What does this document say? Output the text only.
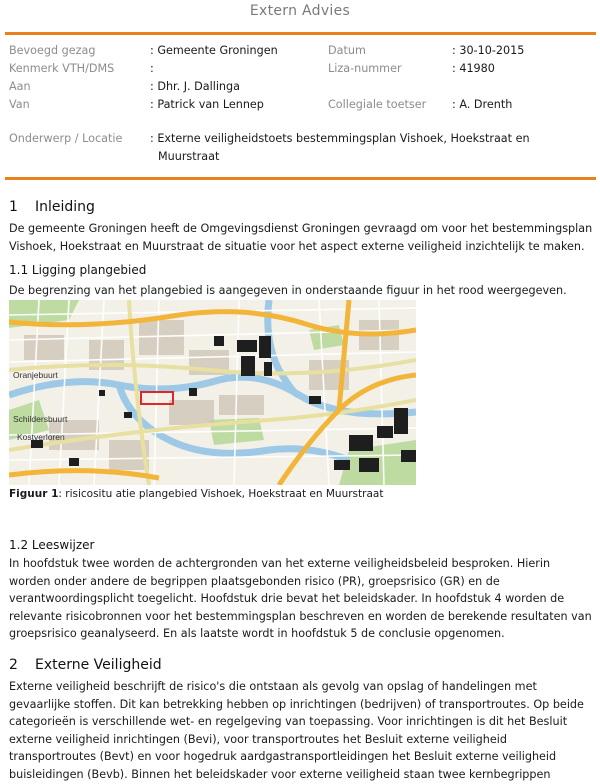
Extern Advies
Bevoegd gezag	: Gemeente Groningen
Kenmerk VTH/DMS	:
Aan	: Dhr. J. Dallinga
Van	: Patrick van Lennep
Datum	: 30-10-2015
Liza-nummer	: 41980
Collegiale toetser : A. Drenth
Onderwerp / Locatie : Externe veiligheidstoets bestemmingsplan Vishoek, Hoekstraat en
Muurstraat
1 Inleiding
De gemeente Groningen heeft de Omgevingsdienst Groningen gevraagd om voor het bestemmingsplan
Vishoek, Hoekstraat en Muurstraat de situatie voor het aspect externe veiligheid inzichtelijk te maken.
1.1 Ligging plangebied
De begrenzing van het plangebied is aangegeven in onderstaande figuur in het rood weergegeven.
Oranjebuurt
Schildersbuurt
Kostverloren
Figuur 1: risicositu atie plangebied Vishoek, Hoekstraat en Muurstraat
1.2 Leeswijzer
In hoofdstuk twee worden de achtergronden van het externe veiligheidsbeleid besproken. Hierin
worden onder andere de begrippen plaatsgebonden risico (PR), groepsrisico (GR) en de
verantwoordingsplicht toegelicht. Hoofdstuk drie bevat het beleidskader. In hoofdstuk 4 worden de
relevante risicobronnen voor het bestemmingsplan beschreven en worden de berekende resultaten van
groepsrisico geanalyseerd. En als laatste wordt in hoofdstuk 5 de conclusie opgenomen.
2 Externe Veiligheid
Externe veiligheid beschrijft de risico's die ontstaan als gevolg van opslag of handelingen met
gevaarlijke stoffen. Dit kan betrekking hebben op inrichtingen (bedrijven) of transportroutes. Op beide
categorieën is verschillende wet- en regelgeving van toepassing. Voor inrichtingen is dit het Besluit
externe veiligheid inrichtingen (Bevi), voor transportroutes het Besluit externe veiligheid
transportroutes (Bevt) en voor hogedruk aardgastransportleidingen het Besluit externe veiligheid
buisleidingen (Bevb). Binnen het beleidskader voor externe veiligheid staan twee kernbegrippen
